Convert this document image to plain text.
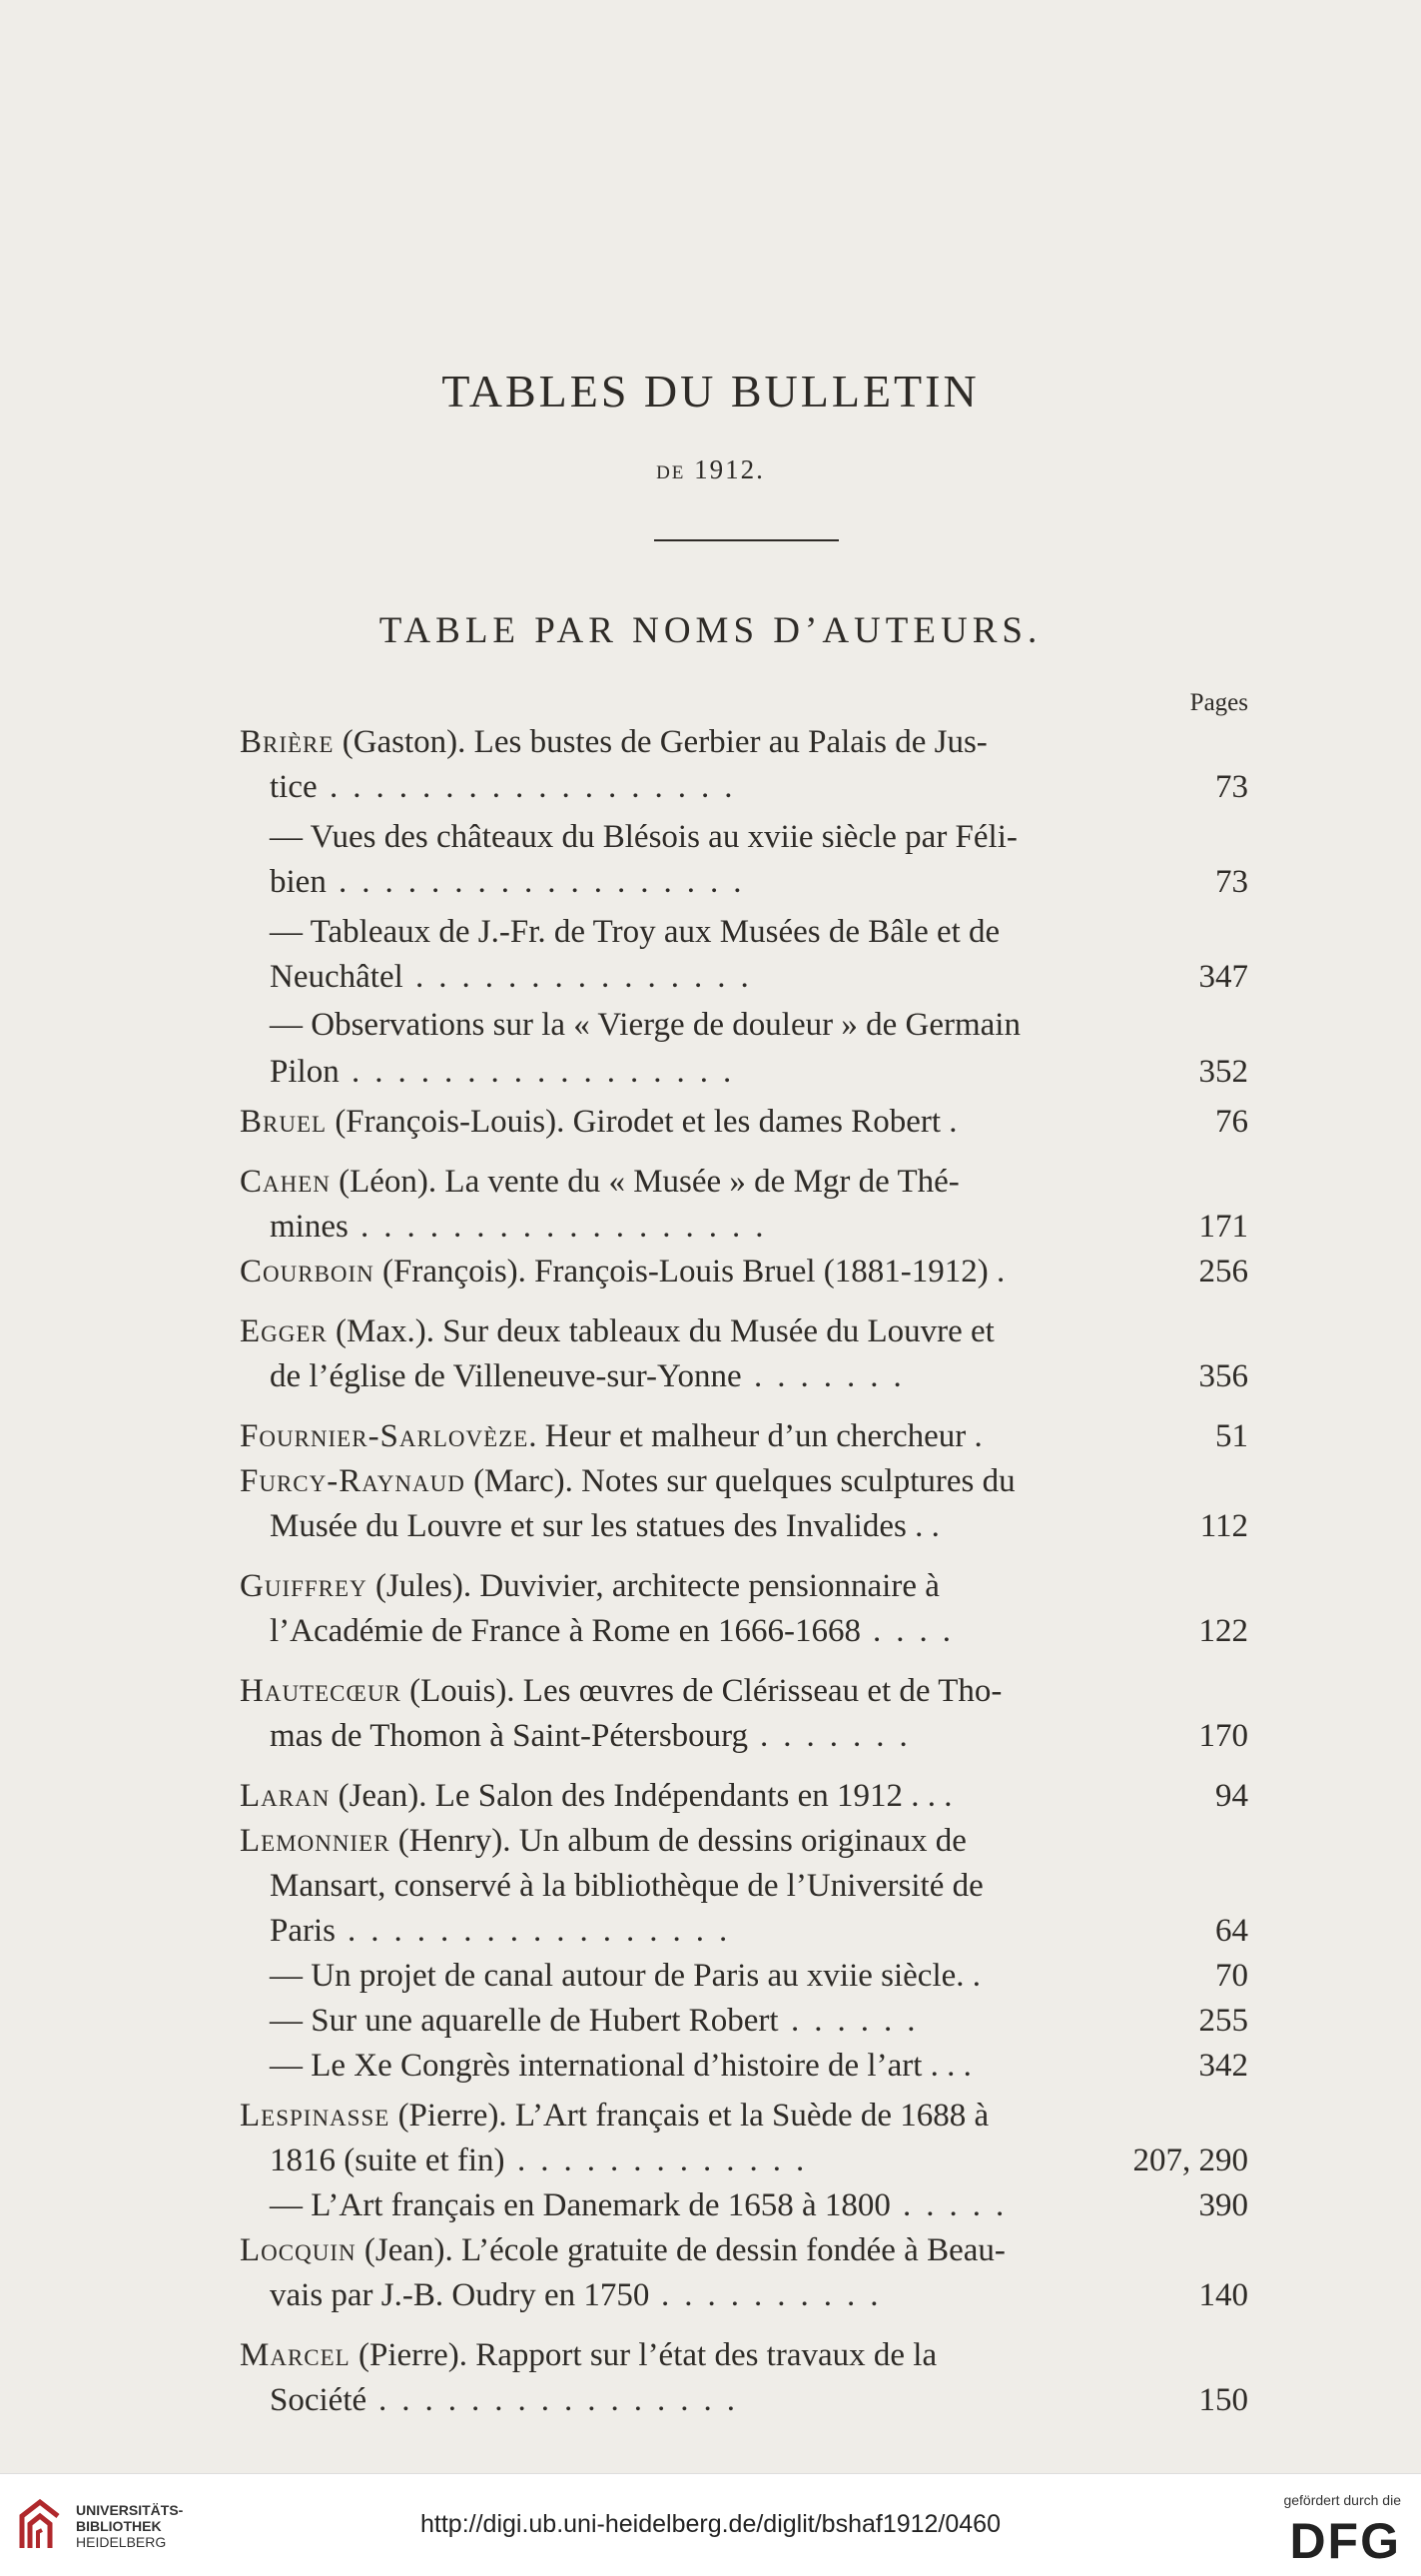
TABLES DU BULLETIN
DE 1912.
TABLE PAR NOMS D’AUTEURS.
Pages
Brière (Gaston). Les bustes de Gerbier au Palais de Jus-
tice	73
..................
— Vues des châteaux du Blésois au xviie siècle par Féli-
bien	73
..................
— Tableaux de J.-Fr. de Troy aux Musées de Bâle et de
Neuchâtel	347
...............
— Observations sur la « Vierge de douleur » de Germain
Pilon	352
.................
Bruel (François-Louis). Girodet et les dames Robert .	76
Cahen (Léon). La vente du « Musée » de Mgr de Thé-
mines	171
..................
Courboin (François). François-Louis Bruel (1881-1912) .	256
Egger (Max.). Sur deux tableaux du Musée du Louvre et
de l’église de Villeneuve-sur-Yonne	356
.......
Fournier-Sarlovèze. Heur et malheur d’un chercheur .	51
Furcy-Raynaud (Marc). Notes sur quelques sculptures du
Musée du Louvre et sur les statues des Invalides . .	112
Guiffrey (Jules). Duvivier, architecte pensionnaire à
l’Académie de France à Rome en 1666-1668	122
....
Hautecœur (Louis). Les œuvres de Clérisseau et de Tho-
mas de Thomon à Saint-Pétersbourg	170
.......
Laran (Jean). Le Salon des Indépendants en 1912 . . .	94
Lemonnier (Henry). Un album de dessins originaux de
Mansart, conservé à la bibliothèque de l’Université de
Paris	64
.................
— Un projet de canal autour de Paris au xviie siècle. .	70
— Sur une aquarelle de Hubert Robert	255
......
— Le Xe Congrès international d’histoire de l’art . . .	342
Lespinasse (Pierre). L’Art français et la Suède de 1688 à
1816 (suite et fin)	207, 290
.............
— L’Art français en Danemark de 1658 à 1800	390
.....
Locquin (Jean). L’école gratuite de dessin fondée à Beau-
vais par J.-B. Oudry en 1750	140
..........
Marcel (Pierre). Rapport sur l’état des travaux de la
Société	150
................
UNIVERSITÄTS-
BIBLIOTHEK
HEIDELBERG
http://digi.ub.uni-heidelberg.de/diglit/bshaf1912/0460
gefördert durch die
DFG
